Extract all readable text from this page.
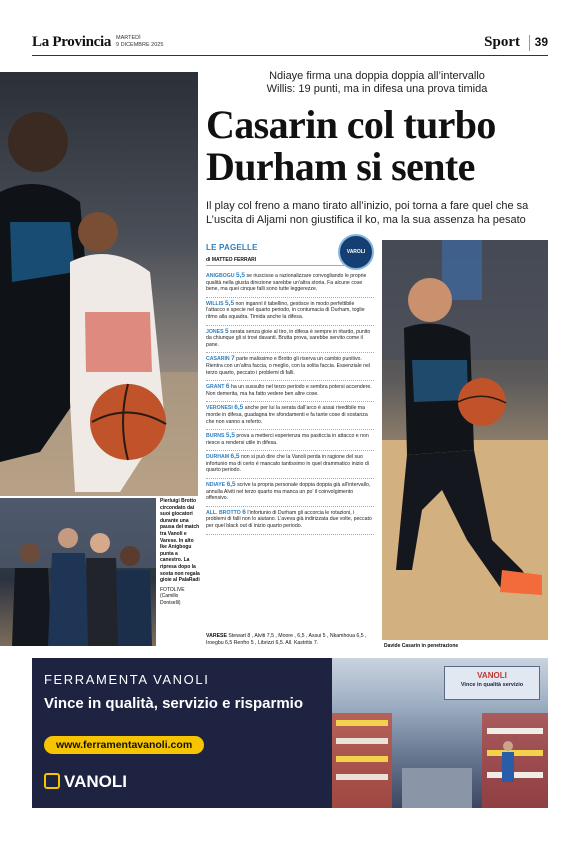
La Provincia MARTEDÌ
9 DICEMBRE 2025	Sport	39
Pierluigi Brotto circondato dai suoi giocatori durante una pausa del match tra Vanoli e Varese. In alto Ike Anigbogu punta a canestro. La ripresa dopo la sosta non regala gioie al PalaRadi
FOTOLIVE (Camillo Doniselli)
Ndiaye firma una doppia doppia all’intervallo
Willis: 19 punti, ma in difesa una prova timida
Casarin col turbo
Durham si sente
Il play col freno a mano tirato all’inizio, poi torna a fare quel che sa L’uscita di Aljami non giustifica il ko, ma la sua assenza ha pesato
LE PAGELLE
di MATTEO FERRARI
VAROLI
ANIGBOGU 5,5 se riuscisse a razionalizzare convogliando le proprie qualità nella giusta direzione sarebbe un’altra storia. Fa alcune cose bene, ma quei cinque falli sono tutte leggerezze.
WILLIS 5,5 non ingannì il tabellino, gestisce in modo perfettibile l’attacco e specie nel quarto periodo, in contumacia di Durham, toglie ritmo alla squadra. Timida anche la difesa.
JONES 5 serata senza gioie al tiro, in difesa è sempre in ritardo, punito da chiunque gli si trovi davanti. Brutta prova, sarebbe servito come il pane.
CASARIN 7 parte malissimo e Brotto gli riserva un cambio punitivo. Rientra con un’altra faccia, o meglio, con la solita faccia. Essenziale nel terzo quarto, peccato i problemi di falli.
GRANT 6 ha un sussulto nel terzo periodo e sembra potersi accendere. Non demerita, ma ha fatto vedere ben altre cose.
VERONESI 6,5 anche per lui la serata dall’arco è assai rivedibile ma morde in difesa, guadagna tre sfondamenti e fa tante cose di sostanza che non vanno a referto.
BURNS 5,5 prova a metterci esperienza ma pasticcia in attacco e non riesce a rendersi utile in difesa.
DURHAM 6,5 non si può dire che la Vanoli perda in ragione del suo infortunio ma di certo è mancato tantissimo in quel drammatico inizio di quarto periodo.
NDIAYE 6,5 scrive la propria personale doppia doppia già all’intervallo, annulla Alviti nel terzo quarto ma manca un po’ il coinvolgimento offensivo.
ALL. BROTTO 6 l’infortunio di Durham gli accorcia le rotazioni, i problemi di falli non lo aiutano. L’aveva già indirizzata due volte, peccato per quel black out di inizio quarto periodo.
VARESE Stewart 8 , Alviti 7,5 , Moore , 6,5 , Assui 5 , Nkamhoua 6,5 , Iroegbu 6,5 Renfro 5 , Librizzi 6,5. All. Kastritis 7.
Davide Casarin in penetrazione
FERRAMENTA VANOLI
Vince in qualità, servizio e risparmio
www.ferramentavanoli.com
VANOLI
VANOLI
Vince in qualità servizio
